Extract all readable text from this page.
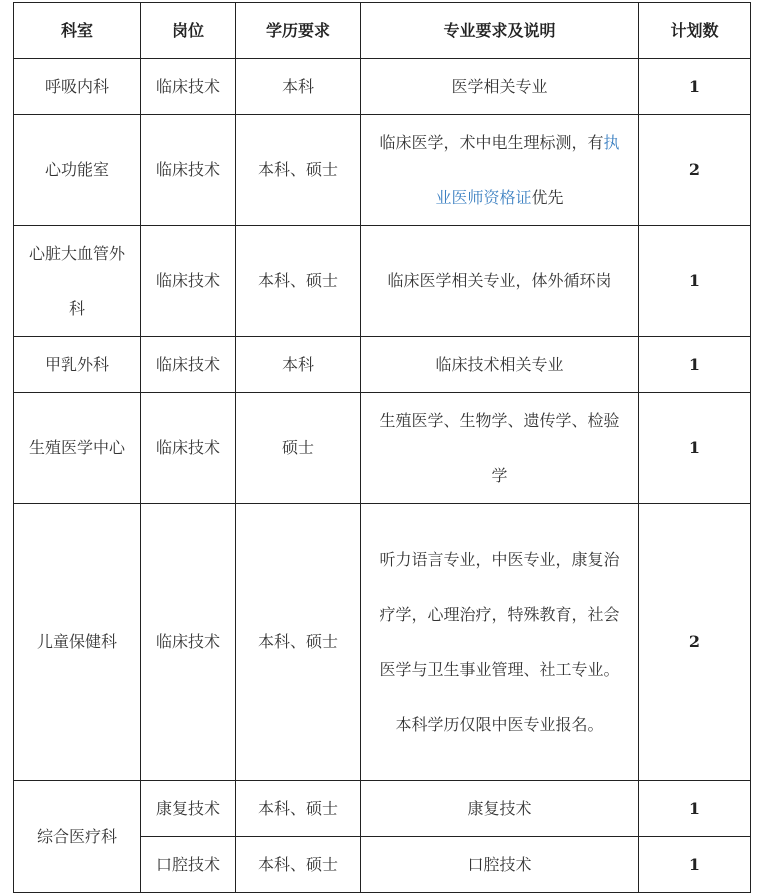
科室	岗位	学历要求	专业要求及说明	计划数
呼吸内科	临床技术	本科	医学相关专业	1
心功能室	临床技术	本科、硕士	临床医学，术中电生理标测，有执业医师资格证优先	2
心脏大血管外科	临床技术	本科、硕士	临床医学相关专业，体外循环岗	1
甲乳外科	临床技术	本科	临床技术相关专业	1
生殖医学中心	临床技术	硕士	生殖医学、生物学、遗传学、检验学	1
儿童保健科	临床技术	本科、硕士	听力语言专业，中医专业，康复治疗学，心理治疗，特殊教育，社会医学与卫生事业管理、社工专业。本科学历仅限中医专业报名。	2
综合医疗科	康复技术	本科、硕士	康复技术	1
	口腔技术	本科、硕士	口腔技术	1
